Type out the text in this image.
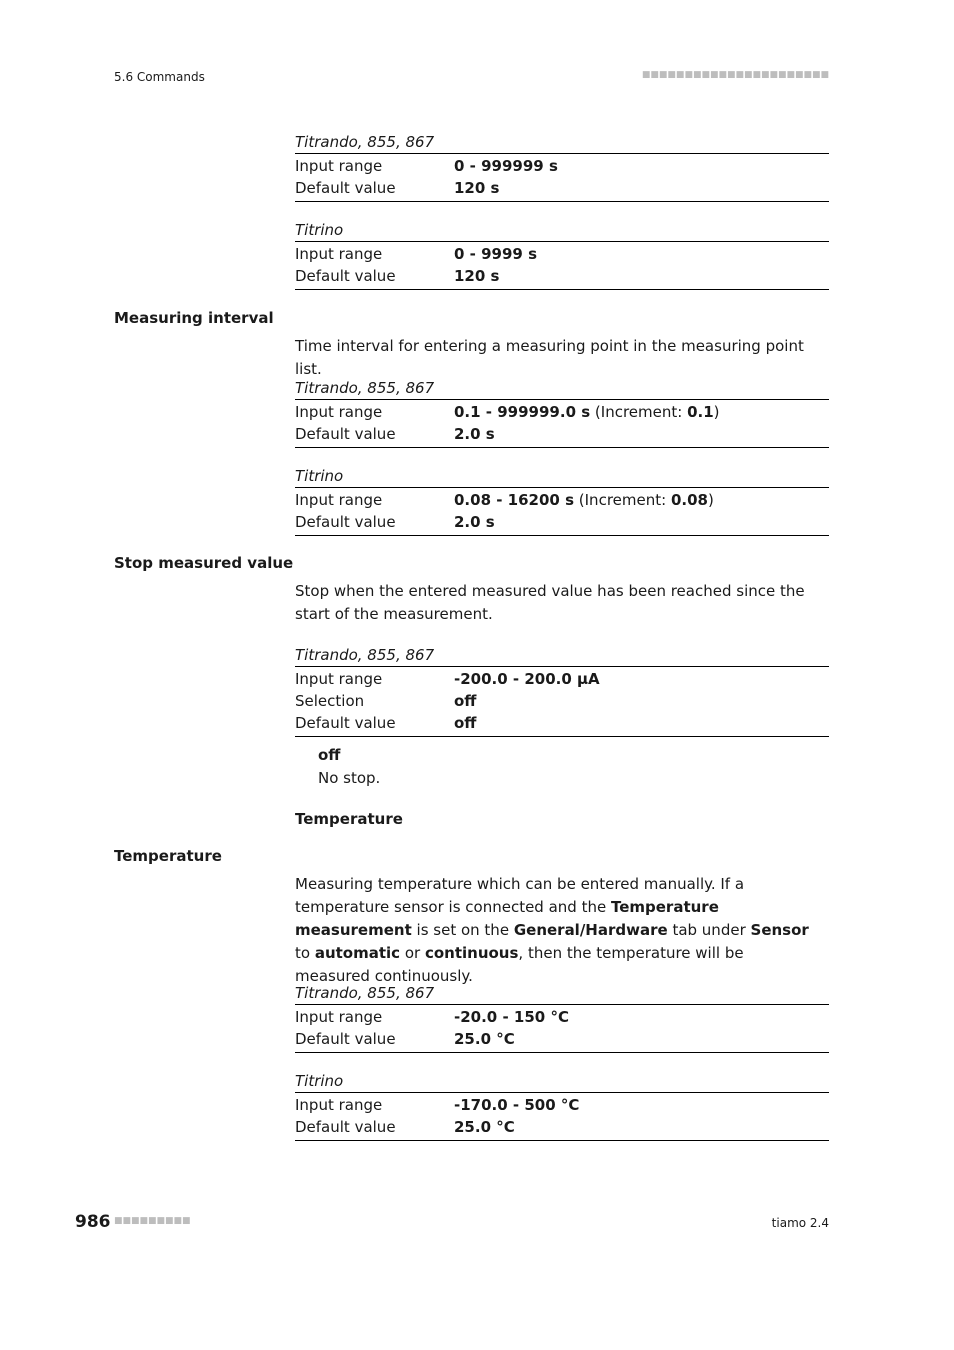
5.6 Commands	■■■■■■■■■■■■■■■■■■■■■■
Titrando, 855, 867
Input range	0 - 999999 s
Default value	120 s
Titrino
Input range	0 - 9999 s
Default value	120 s
Measuring interval
Time interval for entering a measuring point in the measuring point list.
Titrando, 855, 867
Input range	0.1 - 999999.0 s (Increment: 0.1)
Default value	2.0 s
Titrino
Input range	0.08 - 16200 s (Increment: 0.08)
Default value	2.0 s
Stop measured value
Stop when the entered measured value has been reached since the start of the measurement.
Titrando, 855, 867
Input range	-200.0 - 200.0 µA
Selection	off
Default value	off
off
No stop.
Temperature
Temperature
Measuring temperature which can be entered manually. If a temperature sensor is connected and the Temperature measurement is set on the General/Hardware tab under Sensor to automatic or continuous, then the temperature will be measured continuously.
Titrando, 855, 867
Input range	-20.0 - 150 °C
Default value	25.0 °C
Titrino
Input range	-170.0 - 500 °C
Default value	25.0 °C
986 ■■■■■■■■■	tiamo 2.4
